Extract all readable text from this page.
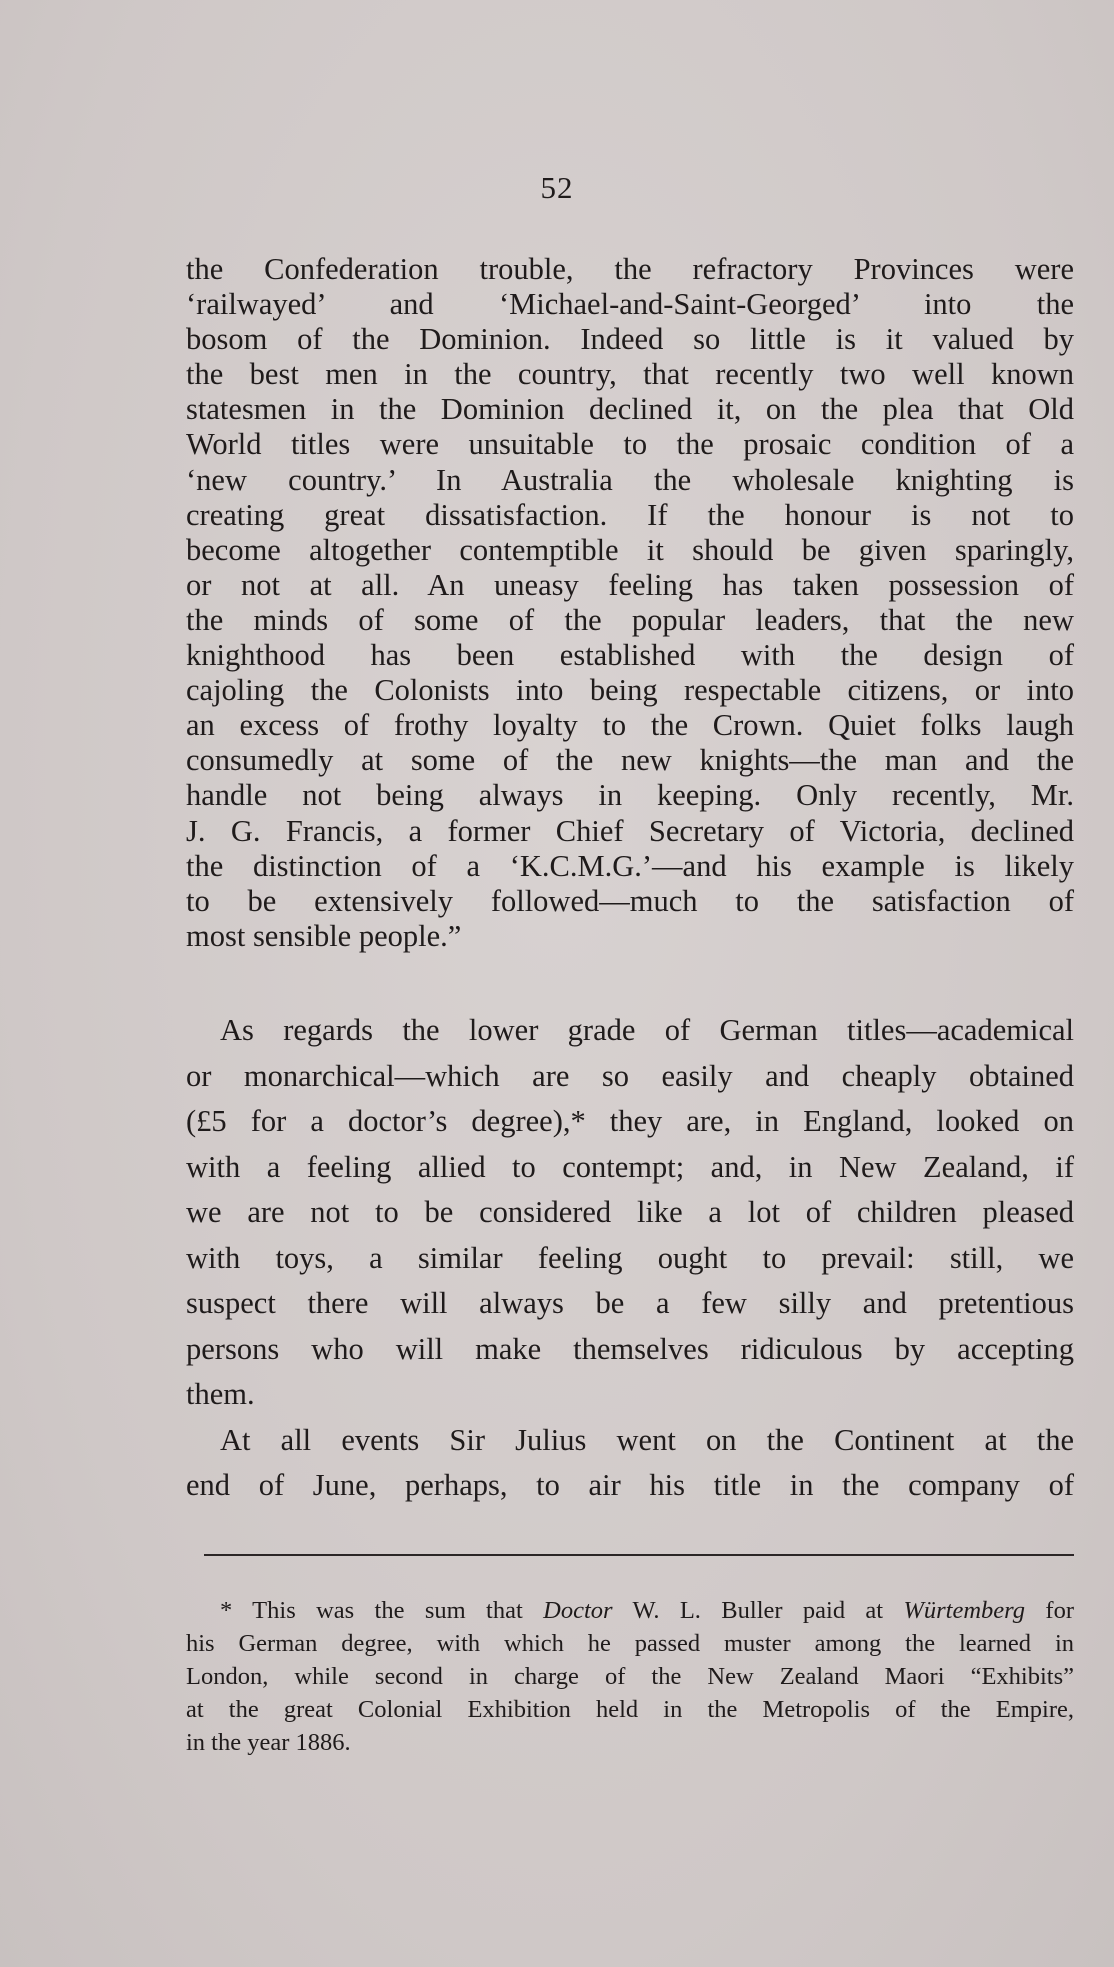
52
the Confederation trouble, the refractory Provinces were
‘railwayed’ and ‘Michael-and-Saint-Georged’ into the
bosom of the Dominion. Indeed so little is it valued by
the best men in the country, that recently two well known
statesmen in the Dominion declined it, on the plea that Old
World titles were unsuitable to the prosaic condition of a
‘new country.’ In Australia the wholesale knighting is
creating great dissatisfaction. If the honour is not to
become altogether contemptible it should be given sparingly,
or not at all. An uneasy feeling has taken possession of
the minds of some of the popular leaders, that the new
knighthood has been established with the design of
cajoling the Colonists into being respectable citizens, or into
an excess of frothy loyalty to the Crown. Quiet folks laugh
consumedly at some of the new knights—the man and the
handle not being always in keeping. Only recently, Mr.
J. G. Francis, a former Chief Secretary of Victoria, declined
the distinction of a ‘K.C.M.G.’—and his example is likely
to be extensively followed—much to the satisfaction of
most sensible people.”
As regards the lower grade of German titles—academical
or monarchical—which are so easily and cheaply obtained
(£5 for a doctor’s degree),* they are, in England, looked on
with a feeling allied to contempt; and, in New Zealand, if
we are not to be considered like a lot of children pleased
with toys, a similar feeling ought to prevail: still, we
suspect there will always be a few silly and pretentious
persons who will make themselves ridiculous by accepting
them.
At all events Sir Julius went on the Continent at the
end of June, perhaps, to air his title in the company of
* This was the sum that Doctor W. L. Buller paid at Würtemberg for
his German degree, with which he passed muster among the learned in
London, while second in charge of the New Zealand Maori “Exhibits”
at the great Colonial Exhibition held in the Metropolis of the Empire,
in the year 1886.
